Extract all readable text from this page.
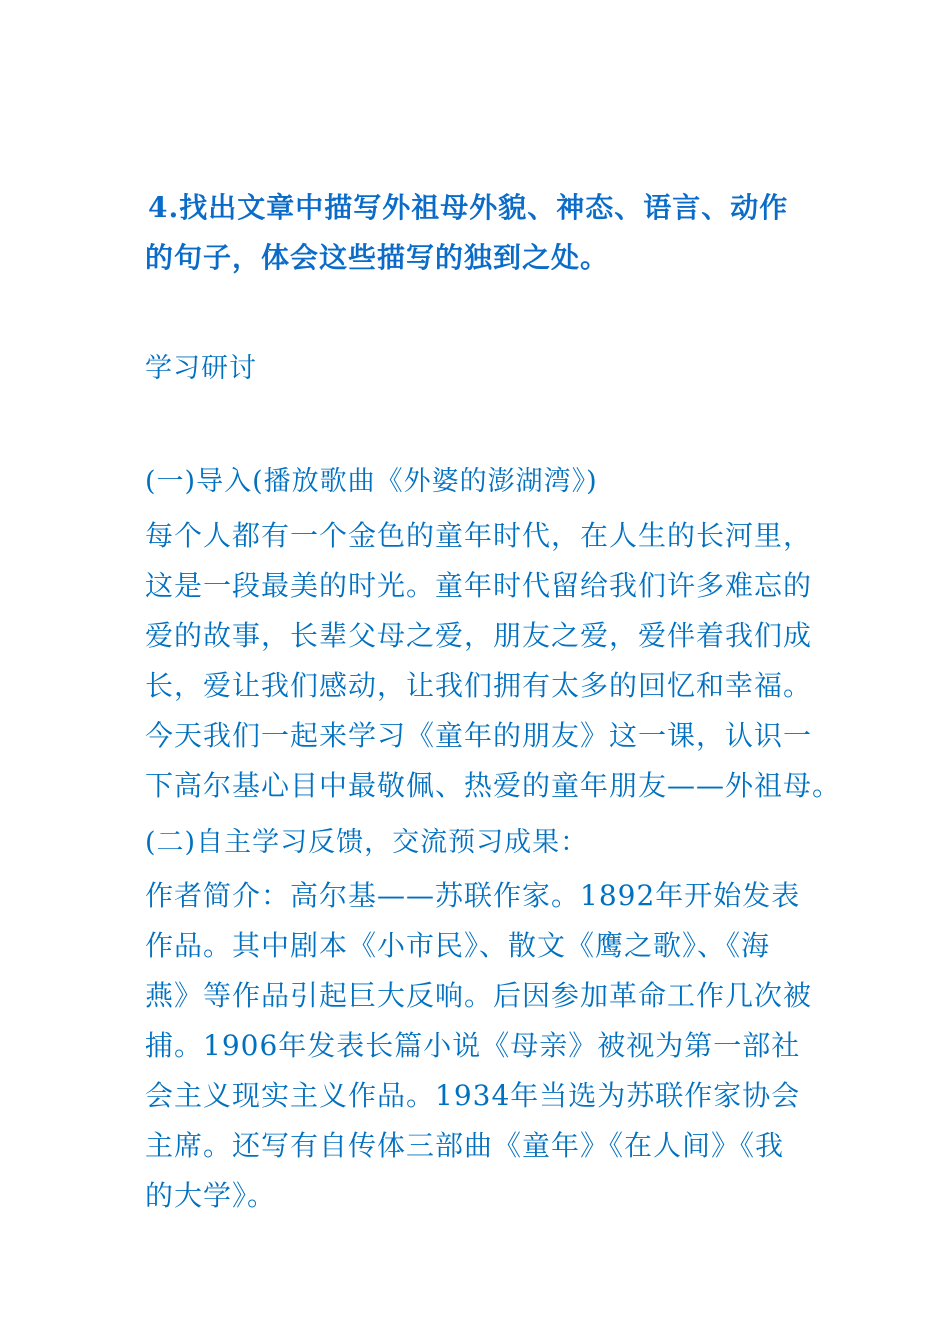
4.找出文章中描写外祖母外貌、神态、语言、动作
的句子，体会这些描写的独到之处。
学习研讨
(一)导入(播放歌曲《外婆的澎湖湾》)
每个人都有一个金色的童年时代，在人生的长河里，
这是一段最美的时光。童年时代留给我们许多难忘的
爱的故事，长辈父母之爱，朋友之爱，爱伴着我们成
长，爱让我们感动，让我们拥有太多的回忆和幸福。
今天我们一起来学习《童年的朋友》这一课，认识一
下高尔基心目中最敬佩、热爱的童年朋友——外祖母。
(二)自主学习反馈，交流预习成果：
作者简介：高尔基——苏联作家。1892年开始发表
作品。其中剧本《小市民》、散文《鹰之歌》、《海
燕》等作品引起巨大反响。后因参加革命工作几次被
捕。1906年发表长篇小说《母亲》被视为第一部社
会主义现实主义作品。1934年当选为苏联作家协会
主席。还写有自传体三部曲《童年》《在人间》《我
的大学》。
